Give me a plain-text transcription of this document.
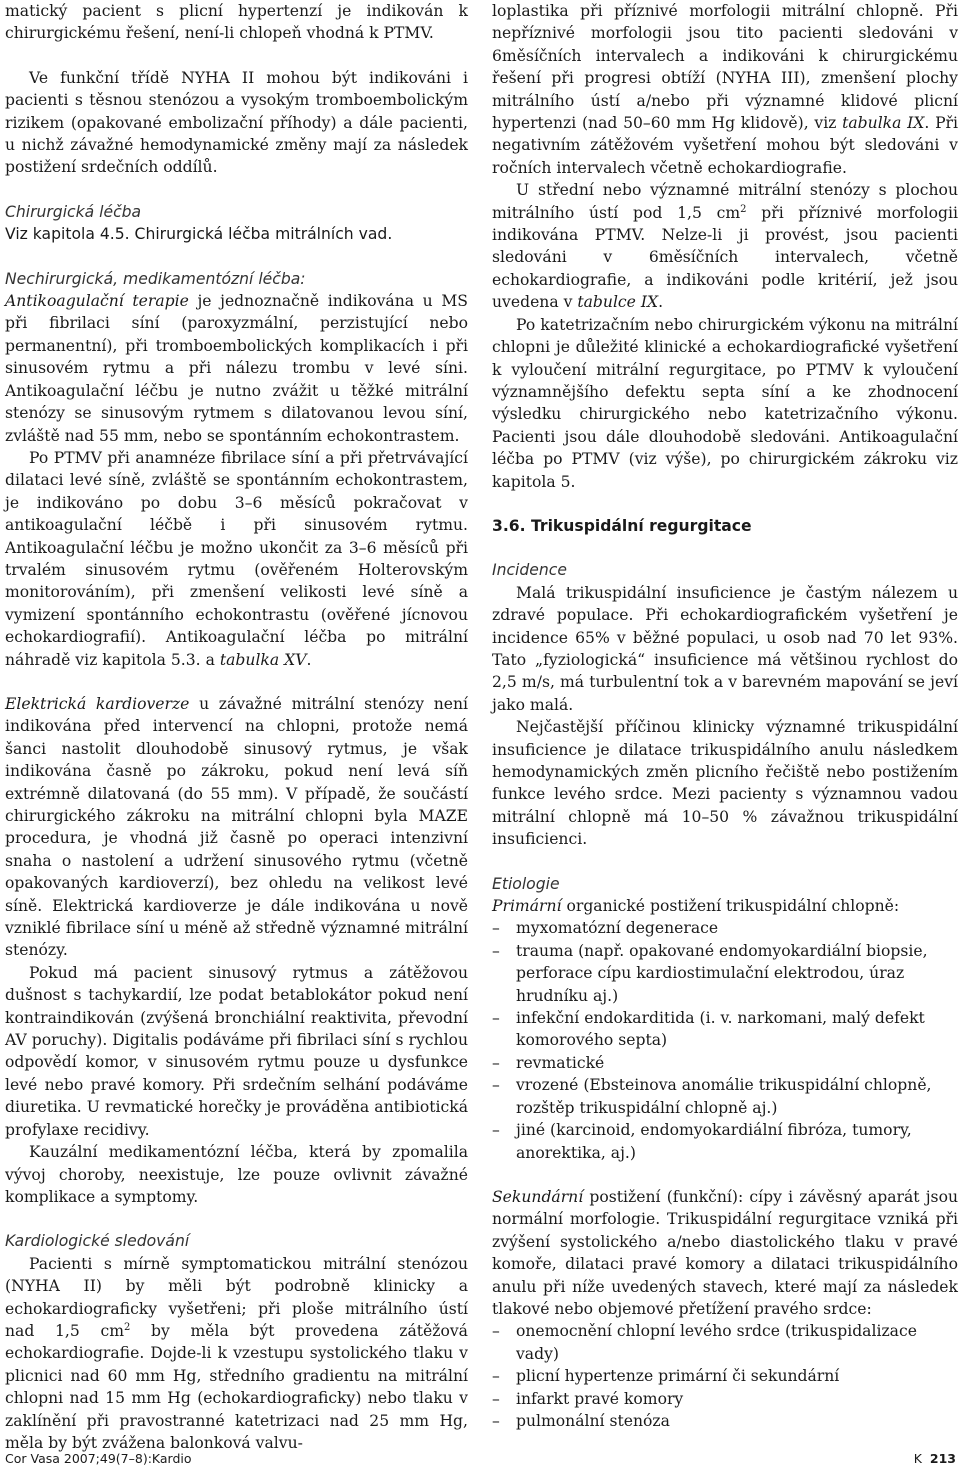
matický pacient s plicní hypertenzí je indikován k chirurgickému řešení, není-li chlopeň vhodná k PTMV.

Ve funkční třídě NYHA II mohou být indikováni i pacienti s těsnou stenózou a vysokým tromboembolickým rizikem (opakované embolizační příhody) a dále pacienti, u nichž závažné hemodynamické změny mají za následek postižení srdečních oddílů.

Chirurgická léčba

Viz kapitola 4.5. Chirurgická léčba mitrálních vad.

Nechirurgická, medikamentózní léčba:

Antikoagulační terapie je jednoznačně indikována u MS při fibrilaci síní (paroxyzmální, perzistující nebo permanentní), při tromboembolických komplikacích i při sinusovém rytmu a při nálezu trombu v levé síni. Antikoagulační léčbu je nutno zvážit u těžké mitrální stenózy se sinusovým rytmem s dilatovanou levou síní, zvláště nad 55 mm, nebo se spontánním echokontrastem.

Po PTMV při anamnéze fibrilace síní a při přetrvávající dilataci levé síně, zvláště se spontánním echokontrastem, je indikováno po dobu 3–6 měsíců pokračovat v antikoagulační léčbě i při sinusovém rytmu. Antikoagulační léčbu je možno ukončit za 3–6 měsíců při trvalém sinusovém rytmu (ověřeném Holterovským monitorováním), při zmenšení velikosti levé síně a vymizení spontánního echokontrastu (ověřené jícnovou echokardiografií). Antikoagulační léčba po mitrální náhradě viz kapitola 5.3. a tabulka XV.

Elektrická kardioverze u závažné mitrální stenózy není indikována před intervencí na chlopni, protože nemá šanci nastolit dlouhodobě sinusový rytmus, je však indikována časně po zákroku, pokud není levá síň extrémně dilatovaná (do 55 mm). V případě, že součástí chirurgického zákroku na mitrální chlopni byla MAZE procedura, je vhodná již časně po operaci intenzivní snaha o nastolení a udržení sinusového rytmu (včetně opakovaných kardioverzí), bez ohledu na velikost levé síně. Elektrická kardioverze je dále indikována u nově vzniklé fibrilace síní u méně až středně významné mitrální stenózy.

Pokud má pacient sinusový rytmus a zátěžovou dušnost s tachykardií, lze podat betablokátor pokud není kontraindikován (zvýšená bronchiální reaktivita, převodní AV poruchy). Digitalis podáváme při fibrilaci síní s rychlou odpovědí komor, v sinusovém rytmu pouze u dysfunkce levé nebo pravé komory. Při srdečním selhání podáváme diuretika. U revmatické horečky je prováděna antibiotická profylaxe recidivy.

Kauzální medikamentózní léčba, která by zpomalila vývoj choroby, neexistuje, lze pouze ovlivnit závažné komplikace a symptomy.

Kardiologické sledování

Pacienti s mírně symptomatickou mitrální stenózou (NYHA II) by měli být podrobně klinicky a echokardiograficky vyšetřeni; při ploše mitrálního ústí nad 1,5 $cm^2$ by měla být provedena zátěžová echokardiografie. Dojde-li k vzestupu systolického tlaku v plicnici nad 60 mm Hg, středního gradientu na mitrální chlopni nad 15 mm Hg (echokardiograficky) nebo tlaku v zaklínění při pravostranné katetrizaci nad 25 mm Hg, měla by být zvážena balonková valvu-

loplastika při příznivé morfologii mitrální chlopně. Při nepříznivé morfologii jsou tito pacienti sledováni v 6měsíčních intervalech a indikováni k chirurgickému řešení při progresi obtíží (NYHA III), zmenšení plochy mitrálního ústí a/nebo při významné klidové plicní hypertenzi (nad 50–60 mm Hg klidově), viz tabulka IX. Při negativním zátěžovém vyšetření mohou být sledováni v ročních intervalech včetně echokardiografie.

U střední nebo významné mitrální stenózy s plochou mitrálního ústí pod 1,5 $cm^2$ při příznivé morfologii indikována PTMV. Nelze-li ji provést, jsou pacienti sledováni v 6měsíčních intervalech, včetně echokardiografie, a indikováni podle kritérií, jež jsou uvedena v tabulce IX.

Po katetrizačním nebo chirurgickém výkonu na mitrální chlopni je důležité klinické a echokardiografické vyšetření k vyloučení mitrální regurgitace, po PTMV k vyloučení významnějšího defektu septa síní a ke zhodnocení výsledku chirurgického nebo katetrizačního výkonu. Pacienti jsou dále dlouhodobě sledováni. Antikoagulační léčba po PTMV (viz výše), po chirurgickém zákroku viz kapitola 5.

3.6. Trikuspidální regurgitace

Incidence

Malá trikuspidální insuficience je častým nálezem u zdravé populace. Při echokardiografickém vyšetření je incidence 65% v běžné populaci, u osob nad 70 let 93%. Tato „fyziologická“ insuficience má většinou rychlost do 2,5 m/s, má turbulentní tok a v barevném mapování se jeví jako malá.

Nejčastější příčinou klinicky významné trikuspidální insuficience je dilatace trikuspidálního anulu následkem hemodynamických změn plicního řečiště nebo postižením funkce levého srdce. Mezi pacienty s významnou vadou mitrální chlopně má 10–50 % závažnou trikuspidální insuficienci.

Etiologie

Primární organické postižení trikuspidální chlopně:

– myxomatózní degenerace
– trauma (např. opakované endomyokardiální biopsie, perforace cípu kardiostimulační elektrodou, úraz hrudníku aj.)
– infekční endokarditida (i. v. narkomani, malý defekt komorového septa)
– revmatické
– vrozené (Ebsteinova anomálie trikuspidální chlopně, rozštěp trikuspidální chlopně aj.)
– jiné (karcinoid, endomyokardiální fibróza, tumory, anorektika, aj.)

Sekundární postižení (funkční): cípy i závěsný aparát jsou normální morfologie. Trikuspidální regurgitace vzniká při zvýšení systolického a/nebo diastolického tlaku v pravé komoře, dilataci pravé komory a dilataci trikuspidálního anulu při níže uvedených stavech, které mají za následek tlakové nebo objemové přetížení pravého srdce:

– onemocnění chlopní levého srdce (trikuspidalizace vady)
– plicní hypertenze primární či sekundární
– infarkt pravé komory
– pulmonální stenóza
Cor Vasa 2007;49(7–8):Kardio	K 213
